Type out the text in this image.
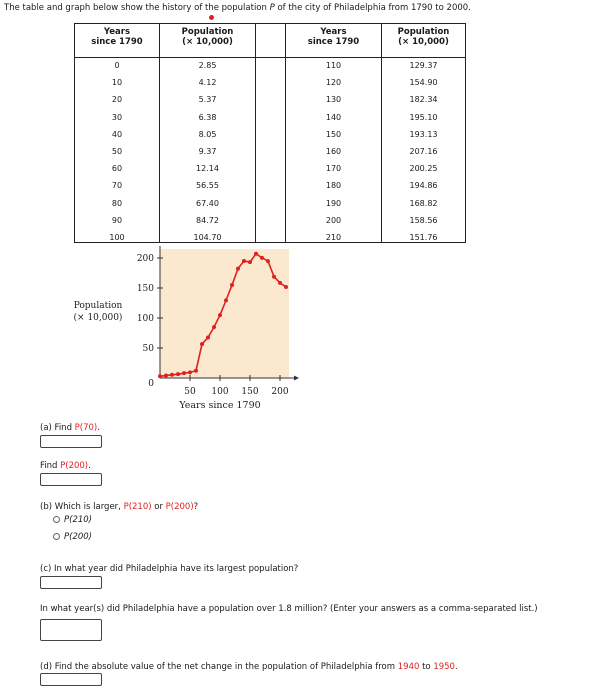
The table and graph below show the history of the population P of the city of Philadelphia from 1790 to 2000.
Years
since 1790
0
10
20
30
40
50
60
70
80
90
100
Population
(× 10,000)
2.85
4.12
5.37
6.38
8.05
9.37
12.14
56.55
67.40
84.72
104.70
Years
since 1790
110
120
130
140
150
160
170
180
190
200
210
Population
(× 10,000)
129.37
154.90
182.34
195.10
193.13
207.16
200.25
194.86
168.82
158.56
151.76
50 100 150 200
50
100
150
200
0
Years since 1790
Population
(× 10,000)
(a) Find P(70).
Find P(200).
(b) Which is larger, P(210) or P(200)?
P(210)
P(200)
(c) In what year did Philadelphia have its largest population?
In what year(s) did Philadelphia have a population over 1.8 million? (Enter your answers as a comma-separated list.)
(d) Find the absolute value of the net change in the population of Philadelphia from 1940 to 1950.
